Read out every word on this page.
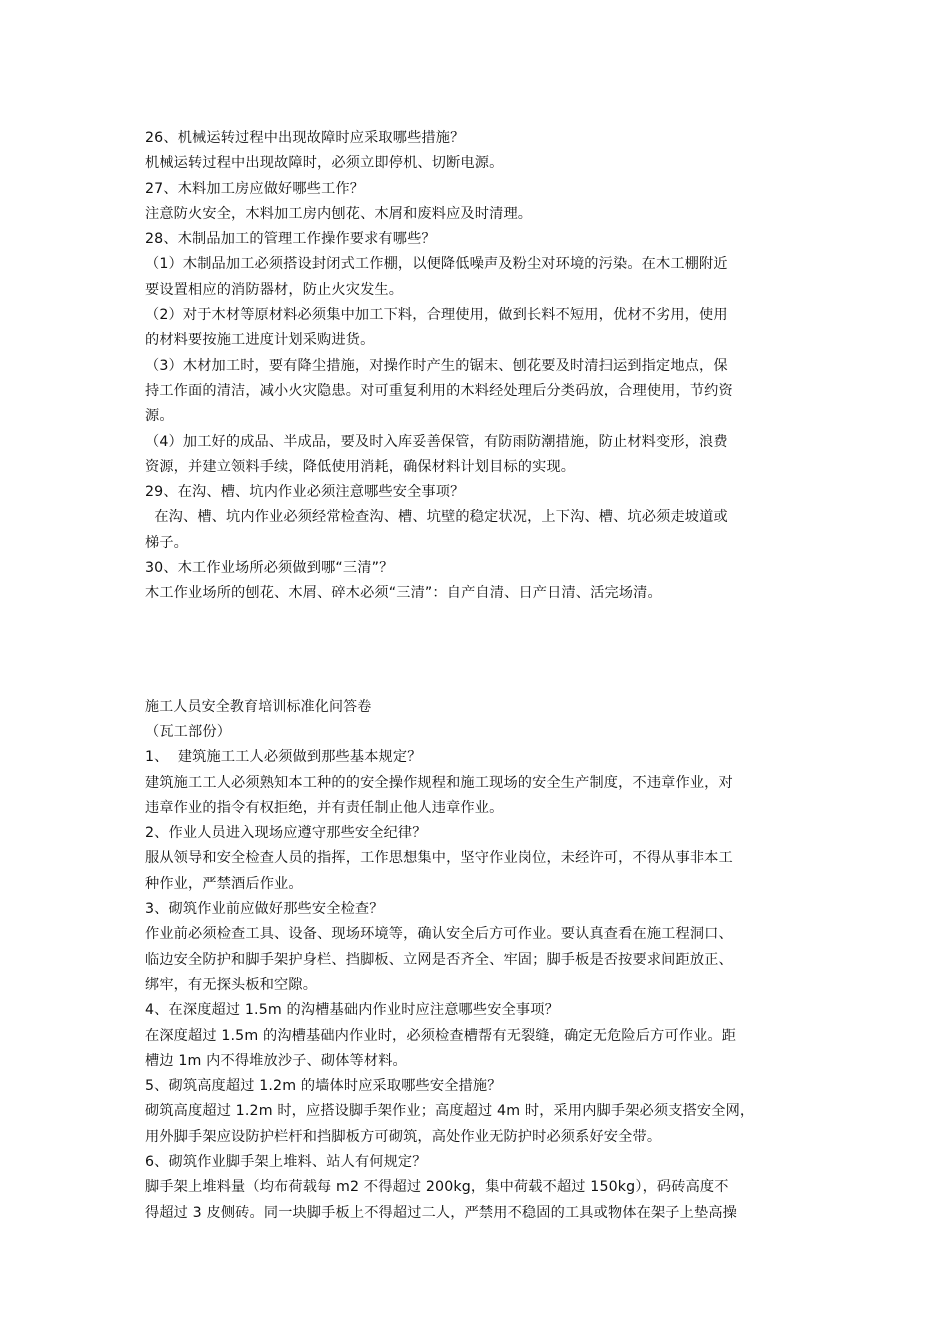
26、机械运转过程中出现故障时应采取哪些措施？
机械运转过程中出现故障时，必须立即停机、切断电源。
27、木料加工房应做好哪些工作？
注意防火安全，木料加工房内刨花、木屑和废料应及时清理。
28、木制品加工的管理工作操作要求有哪些？
（1）木制品加工必须搭设封闭式工作棚，以便降低噪声及粉尘对环境的污染。在木工棚附近
要设置相应的消防器材，防止火灾发生。
（2）对于木材等原材料必须集中加工下料，合理使用，做到长料不短用，优材不劣用，使用
的材料要按施工进度计划采购进货。
（3）木材加工时，要有降尘措施，对操作时产生的锯末、刨花要及时清扫运到指定地点，保
持工作面的清洁，减小火灾隐患。对可重复利用的木料经处理后分类码放，合理使用，节约资
源。
（4）加工好的成品、半成品，要及时入库妥善保管，有防雨防潮措施，防止材料变形，浪费
资源，并建立领料手续，降低使用消耗，确保材料计划目标的实现。
29、在沟、槽、坑内作业必须注意哪些安全事项？
在沟、槽、坑内作业必须经常检查沟、槽、坑壁的稳定状况，上下沟、槽、坑必须走坡道或
梯子。
30、木工作业场所必须做到哪“三清”？
木工作业场所的刨花、木屑、碎木必须“三清”：自产自清、日产日清、活完场清。
施工人员安全教育培训标准化问答卷
（瓦工部份）
1、  建筑施工工人必须做到那些基本规定？
建筑施工工人必须熟知本工种的的安全操作规程和施工现场的安全生产制度，不违章作业，对
违章作业的指令有权拒绝，并有责任制止他人违章作业。
2、作业人员进入现场应遵守那些安全纪律？
服从领导和安全检查人员的指挥，工作思想集中，坚守作业岗位，未经许可，不得从事非本工
种作业，严禁酒后作业。
3、砌筑作业前应做好那些安全检查？
作业前必须检查工具、设备、现场环境等，确认安全后方可作业。要认真查看在施工程洞口、
临边安全防护和脚手架护身栏、挡脚板、立网是否齐全、牢固；脚手板是否按要求间距放正、
绑牢，有无探头板和空隙。
4、在深度超过 1.5m 的沟槽基础内作业时应注意哪些安全事项？
在深度超过 1.5m 的沟槽基础内作业时，必须检查槽帮有无裂缝，确定无危险后方可作业。距
槽边 1m 内不得堆放沙子、砌体等材料。
5、砌筑高度超过 1.2m 的墙体时应采取哪些安全措施？
砌筑高度超过 1.2m 时，应搭设脚手架作业；高度超过 4m 时，采用内脚手架必须支搭安全网，
用外脚手架应设防护栏杆和挡脚板方可砌筑，高处作业无防护时必须系好安全带。
6、砌筑作业脚手架上堆料、站人有何规定？
脚手架上堆料量（均布荷载每 m2 不得超过 200kg，集中荷载不超过 150kg），码砖高度不
得超过 3 皮侧砖。同一块脚手板上不得超过二人，严禁用不稳固的工具或物体在架子上垫高操
